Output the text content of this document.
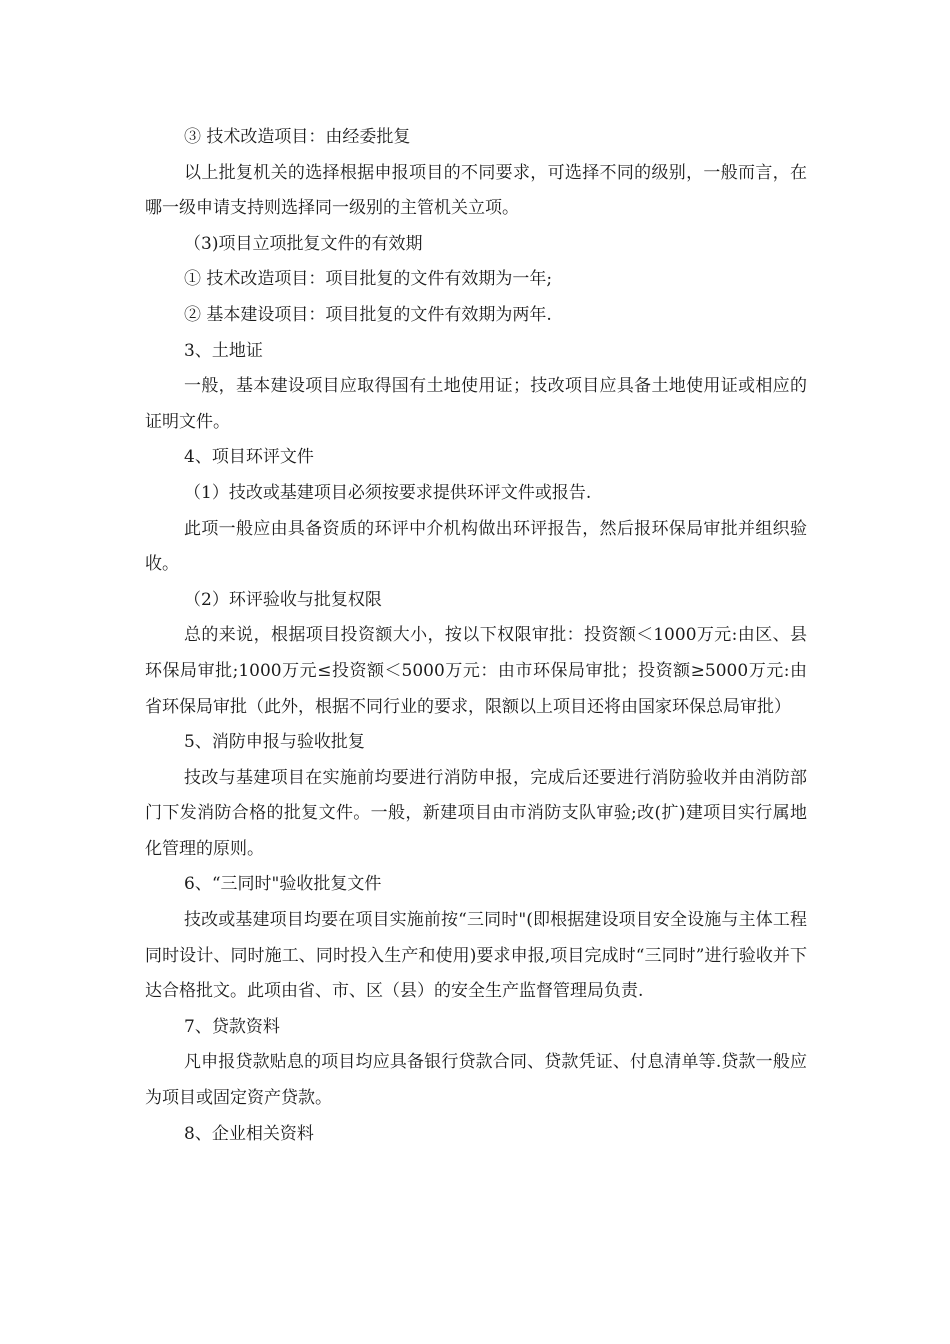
③ 技术改造项目：由经委批复

以上批复机关的选择根据申报项目的不同要求，可选择不同的级别，一般而言，在哪一级申请支持则选择同一级别的主管机关立项。

（3)项目立项批复文件的有效期

① 技术改造项目：项目批复的文件有效期为一年;

② 基本建设项目：项目批复的文件有效期为两年.

3、土地证

一般，基本建设项目应取得国有土地使用证；技改项目应具备土地使用证或相应的证明文件。

4、项目环评文件

（1）技改或基建项目必须按要求提供环评文件或报告.

此项一般应由具备资质的环评中介机构做出环评报告，然后报环保局审批并组织验收。

（2）环评验收与批复权限

总的来说，根据项目投资额大小，按以下权限审批：投资额＜1000万元:由区、县环保局审批;1000万元≤投资额＜5000万元：由市环保局审批；投资额≥5000万元:由省环保局审批（此外，根据不同行业的要求，限额以上项目还将由国家环保总局审批）

5、消防申报与验收批复

技改与基建项目在实施前均要进行消防申报，完成后还要进行消防验收并由消防部门下发消防合格的批复文件。一般，新建项目由市消防支队审验;改(扩)建项目实行属地化管理的原则。

6、“三同时"验收批复文件

技改或基建项目均要在项目实施前按“三同时"(即根据建设项目安全设施与主体工程同时设计、同时施工、同时投入生产和使用)要求申报,项目完成时“三同时”进行验收并下达合格批文。此项由省、市、区（县）的安全生产监督管理局负责.

7、贷款资料

凡申报贷款贴息的项目均应具备银行贷款合同、贷款凭证、付息清单等.贷款一般应为项目或固定资产贷款。

8、企业相关资料
